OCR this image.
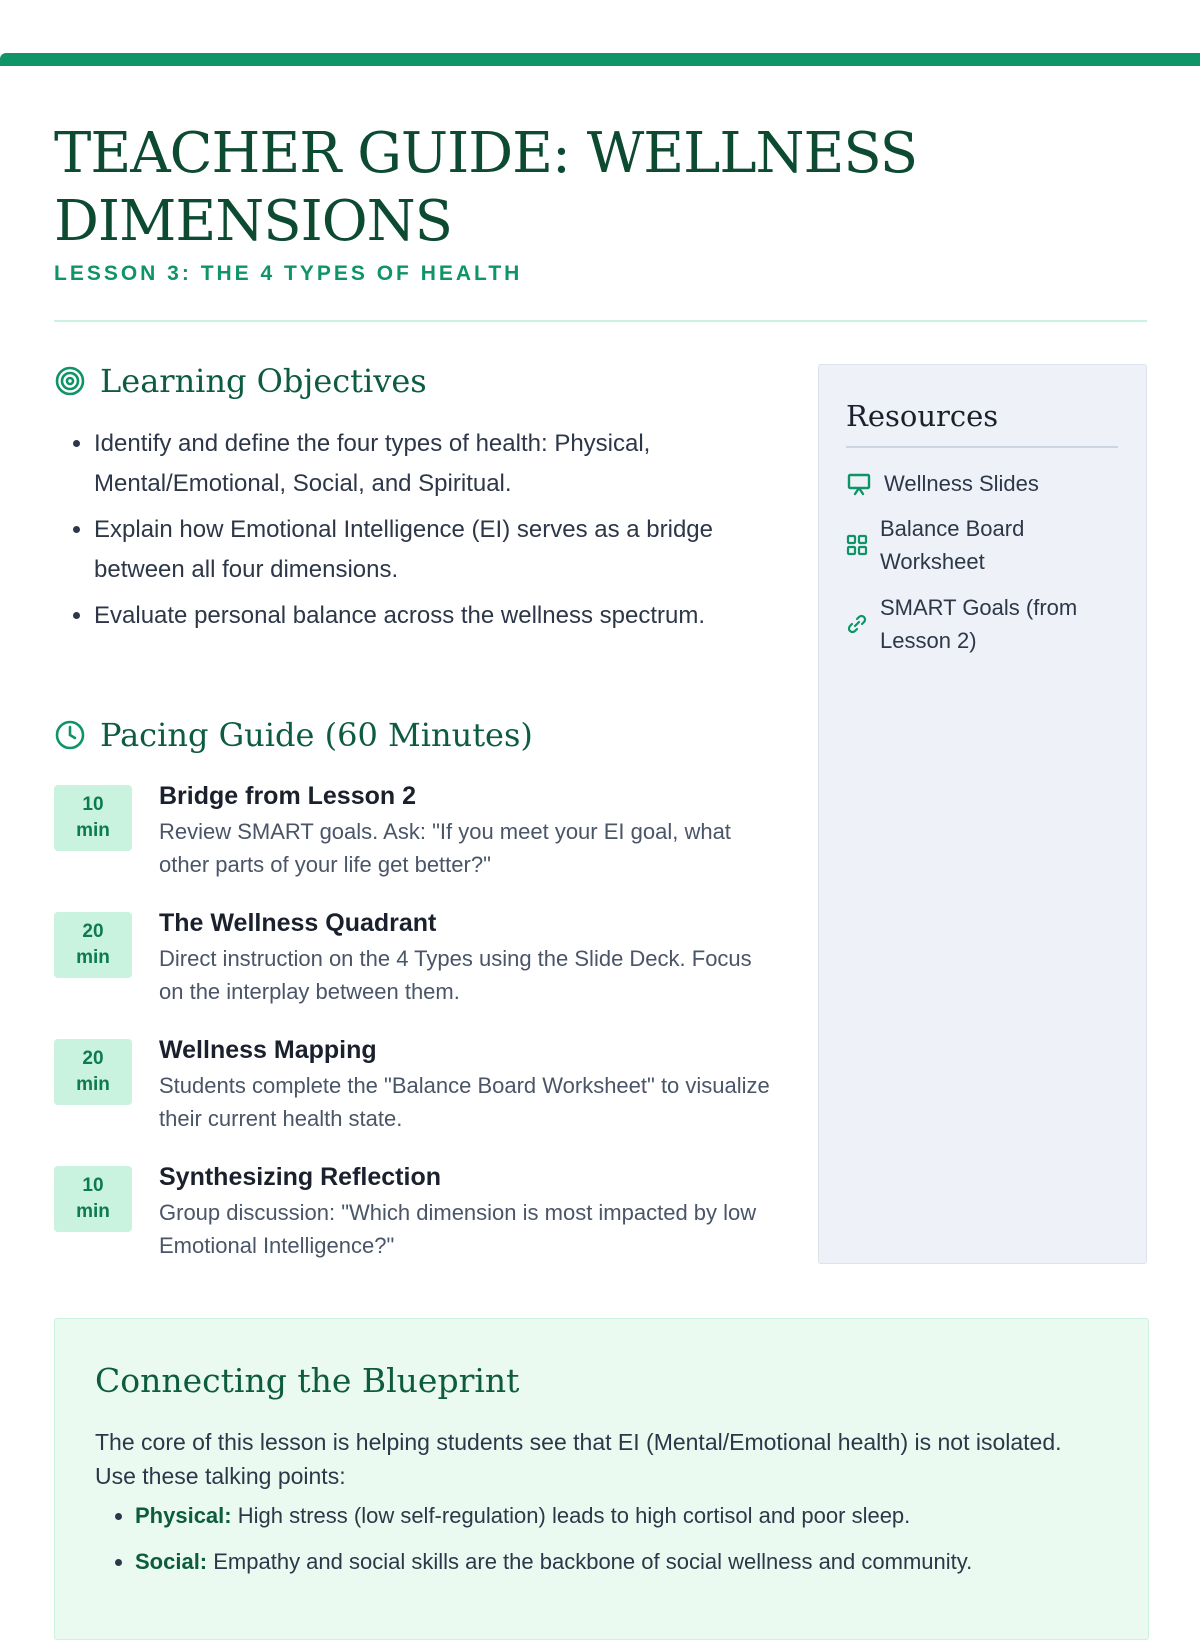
TEACHER GUIDE: WELLNESS DIMENSIONS
LESSON 3: THE 4 TYPES OF HEALTH
Learning Objectives
• Identify and define the four types of health: Physical, Mental/Emotional, Social, and Spiritual.
• Explain how Emotional Intelligence (EI) serves as a bridge between all four dimensions.
• Evaluate personal balance across the wellness spectrum.
Pacing Guide (60 Minutes)
10
min
Bridge from Lesson 2
Review SMART goals. Ask: "If you meet your EI goal, what other parts of your life get better?"
20
min
The Wellness Quadrant
Direct instruction on the 4 Types using the Slide Deck. Focus on the interplay between them.
20
min
Wellness Mapping
Students complete the "Balance Board Worksheet" to visualize their current health state.
10
min
Synthesizing Reflection
Group discussion: "Which dimension is most impacted by low Emotional Intelligence?"
Resources
Wellness Slides
Balance Board Worksheet
SMART Goals (from Lesson 2)
Connecting the Blueprint

The core of this lesson is helping students see that EI (Mental/Emotional health) is not isolated. Use these talking points:

• Physical: High stress (low self-regulation) leads to high cortisol and poor sleep.
• Social: Empathy and social skills are the backbone of social wellness and community.
